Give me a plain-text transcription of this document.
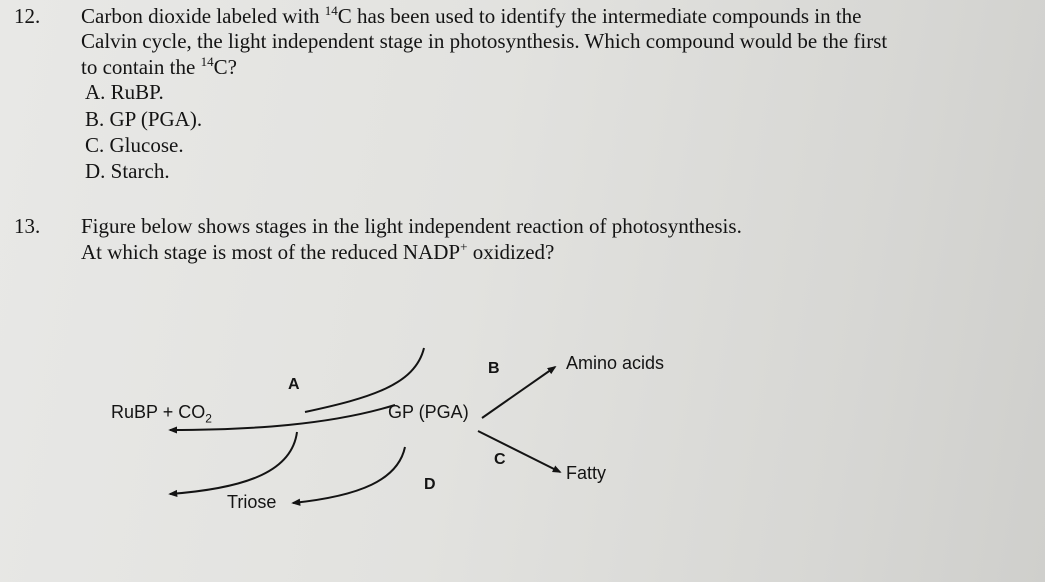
12. Carbon dioxide labeled with $^{14}$C has been used to identify the intermediate compounds in the
Calvin cycle, the light independent stage in photosynthesis. Which compound would be the first
to contain the $^{14}$C?
A. RuBP.
B. GP (PGA).
C. Glucose.
D. Starch.
13. Figure below shows stages in the light independent reaction of photosynthesis.
At which stage is most of the reduced NADP+ oxidized?
RuBP + $CO_2$	GP (PGA)
Triose
Amino acids
Fatty
A
B
C
D
